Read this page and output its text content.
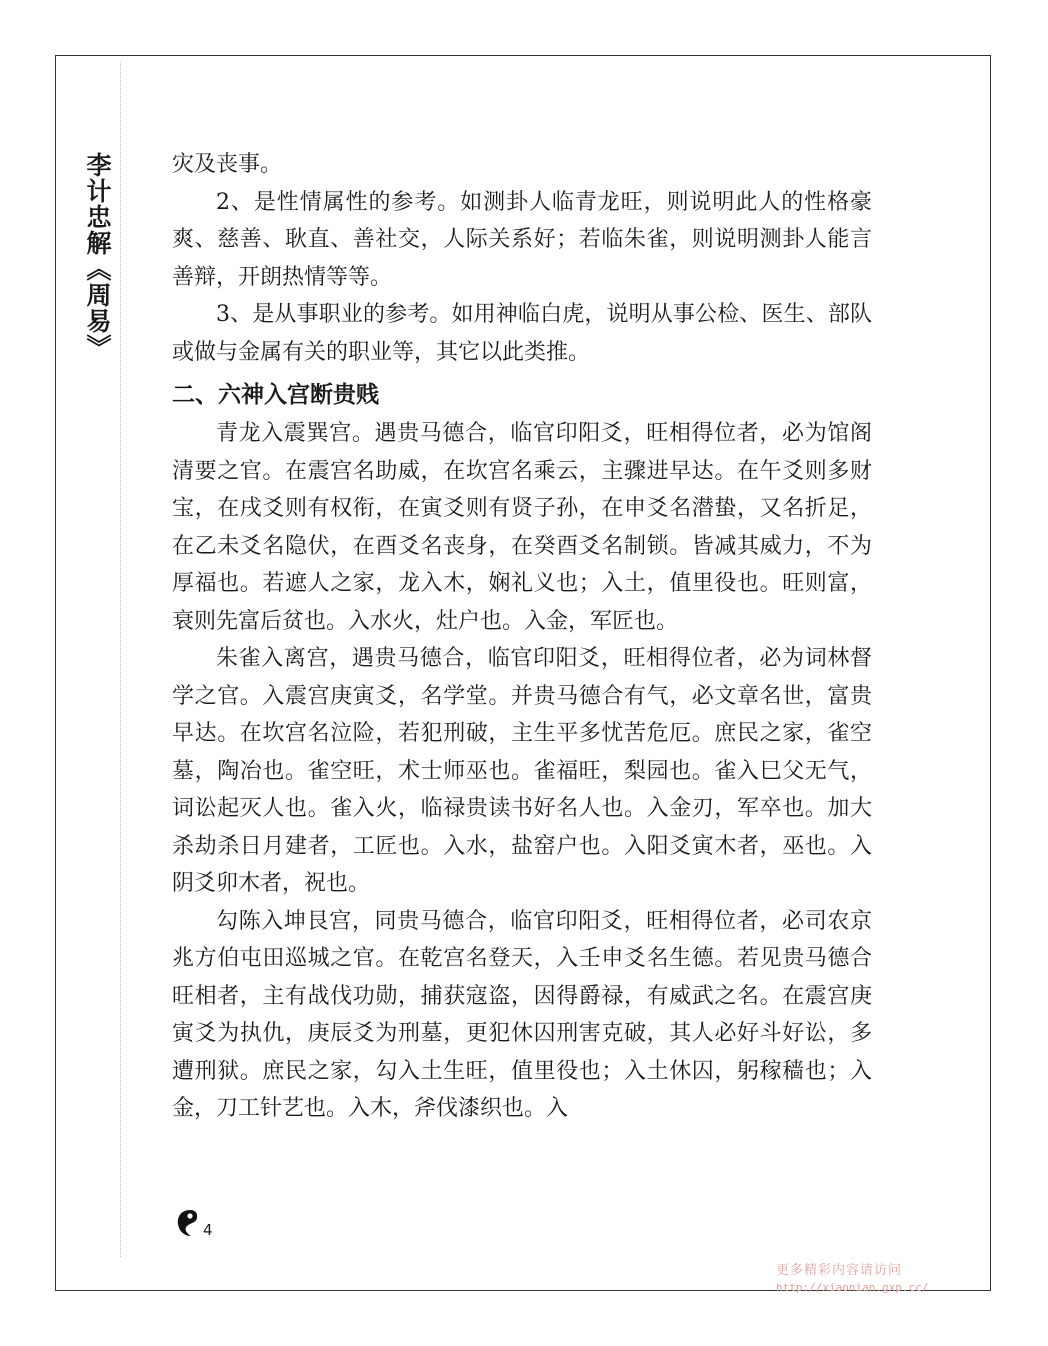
李计忠解《周易》	灾及丧事。

2、是性情属性的参考。如测卦人临青龙旺，则说明此人的性格豪爽、慈善、耿直、善社交，人际关系好；若临朱雀，则说明测卦人能言善辩，开朗热情等等。

3、是从事职业的参考。如用神临白虎，说明从事公检、医生、部队或做与金属有关的职业等，其它以此类推。

二、六神入宫断贵贱

青龙入震巽宫。遇贵马德合，临官印阳爻，旺相得位者，必为馆阁清要之官。在震宫名助威，在坎宫名乘云，主骤进早达。在午爻则多财宝，在戌爻则有权衔，在寅爻则有贤子孙，在申爻名潜蛰，又名折足，在乙未爻名隐伏，在酉爻名丧身，在癸酉爻名制锁。皆减其威力，不为厚福也。若遮人之家，龙入木，娴礼义也；入土，值里役也。旺则富，衰则先富后贫也。入水火，灶户也。入金，军匠也。

朱雀入离宫，遇贵马德合，临官印阳爻，旺相得位者，必为词林督学之官。入震宫庚寅爻，名学堂。并贵马德合有气，必文章名世，富贵早达。在坎宫名泣险，若犯刑破，主生平多忧苦危厄。庶民之家，雀空墓，陶冶也。雀空旺，术士师巫也。雀福旺，梨园也。雀入巳父无气，词讼起灭人也。雀入火，临禄贵读书好名人也。入金刃，军卒也。加大杀劫杀日月建者，工匠也。入水，盐窑户也。入阳爻寅木者，巫也。入阴爻卯木者，祝也。

勾陈入坤艮宫，同贵马德合，临官印阳爻，旺相得位者，必司农京兆方伯屯田巡城之官。在乾宫名登天，入壬申爻名生德。若见贵马德合旺相者，主有战伐功勋，捕获寇盗，因得爵禄，有威武之名。在震宫庚寅爻为执仇，庚辰爻为刑墓，更犯休囚刑害克破，其人必好斗好讼，多遭刑狱。庶民之家，勾入土生旺，值里役也；入土休囚，躬稼穑也；入金，刀工针艺也。入木，斧伐漆织也。入

4
更多精彩内容请访问
http://xiaonian.gxp.cc/
